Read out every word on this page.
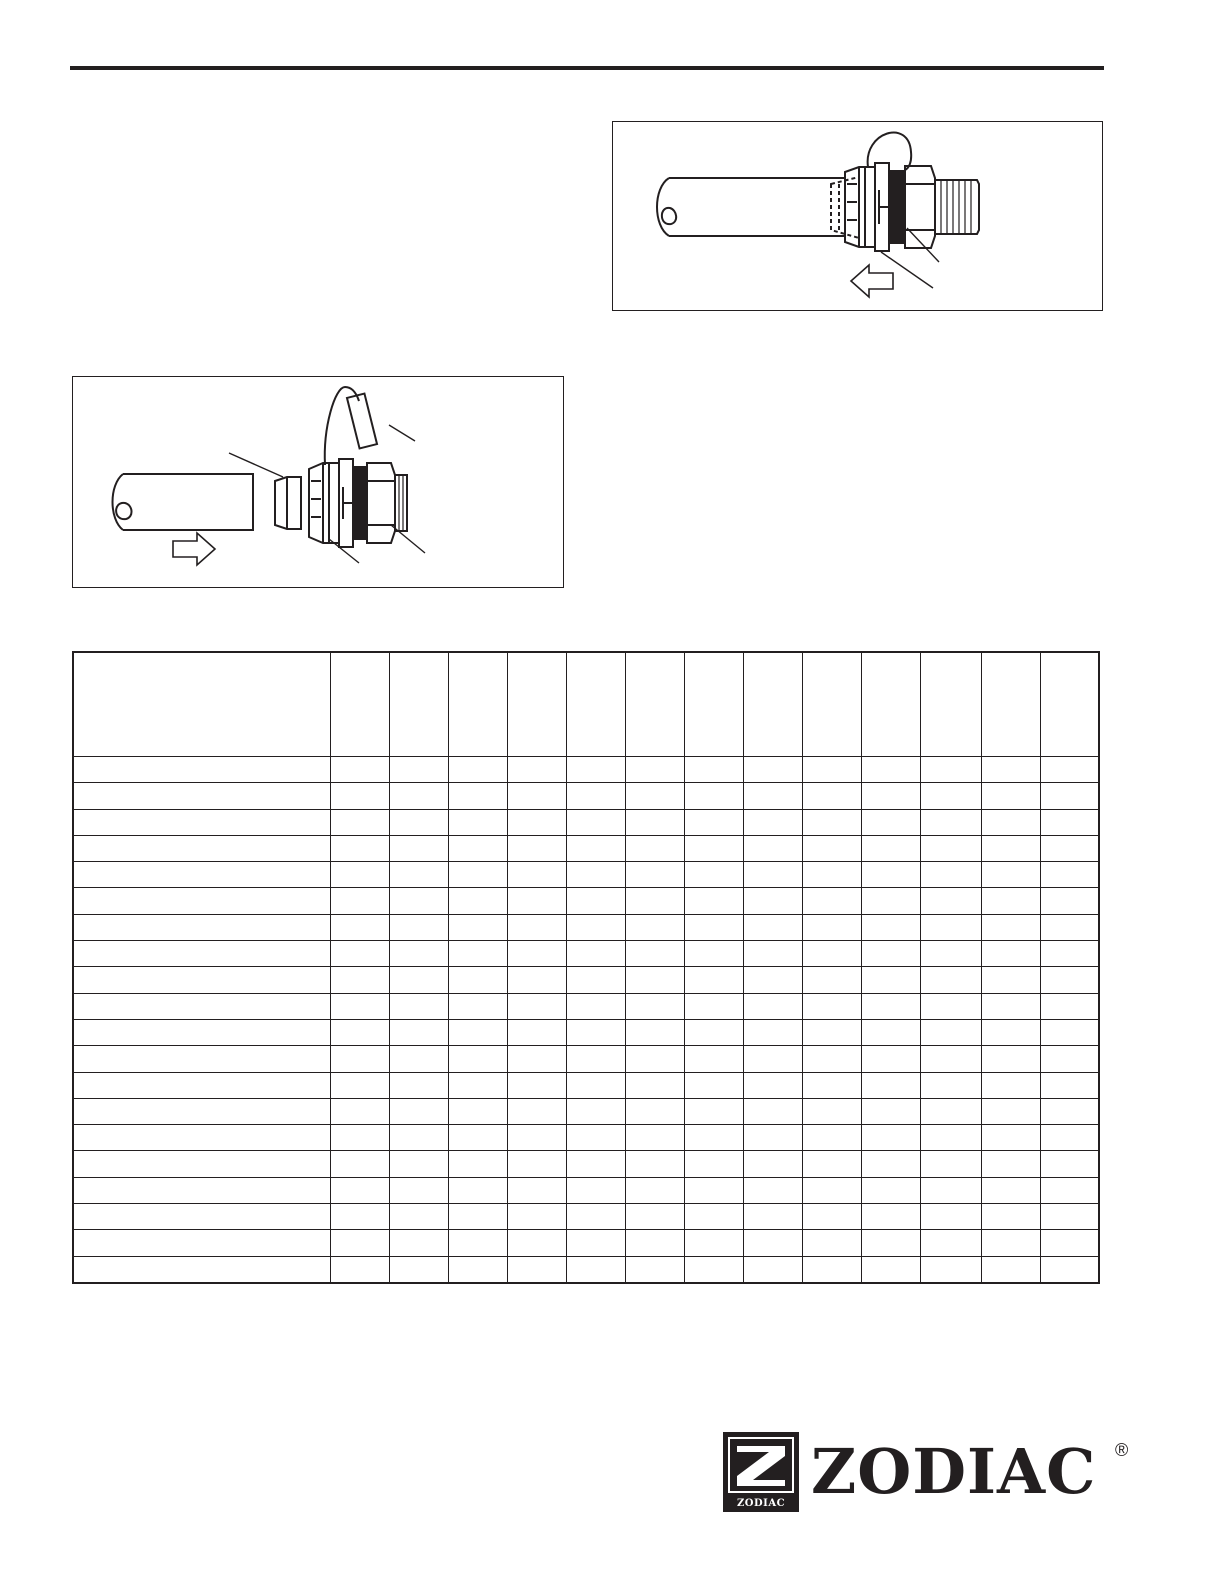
ZODIAC ZODIAC ®
